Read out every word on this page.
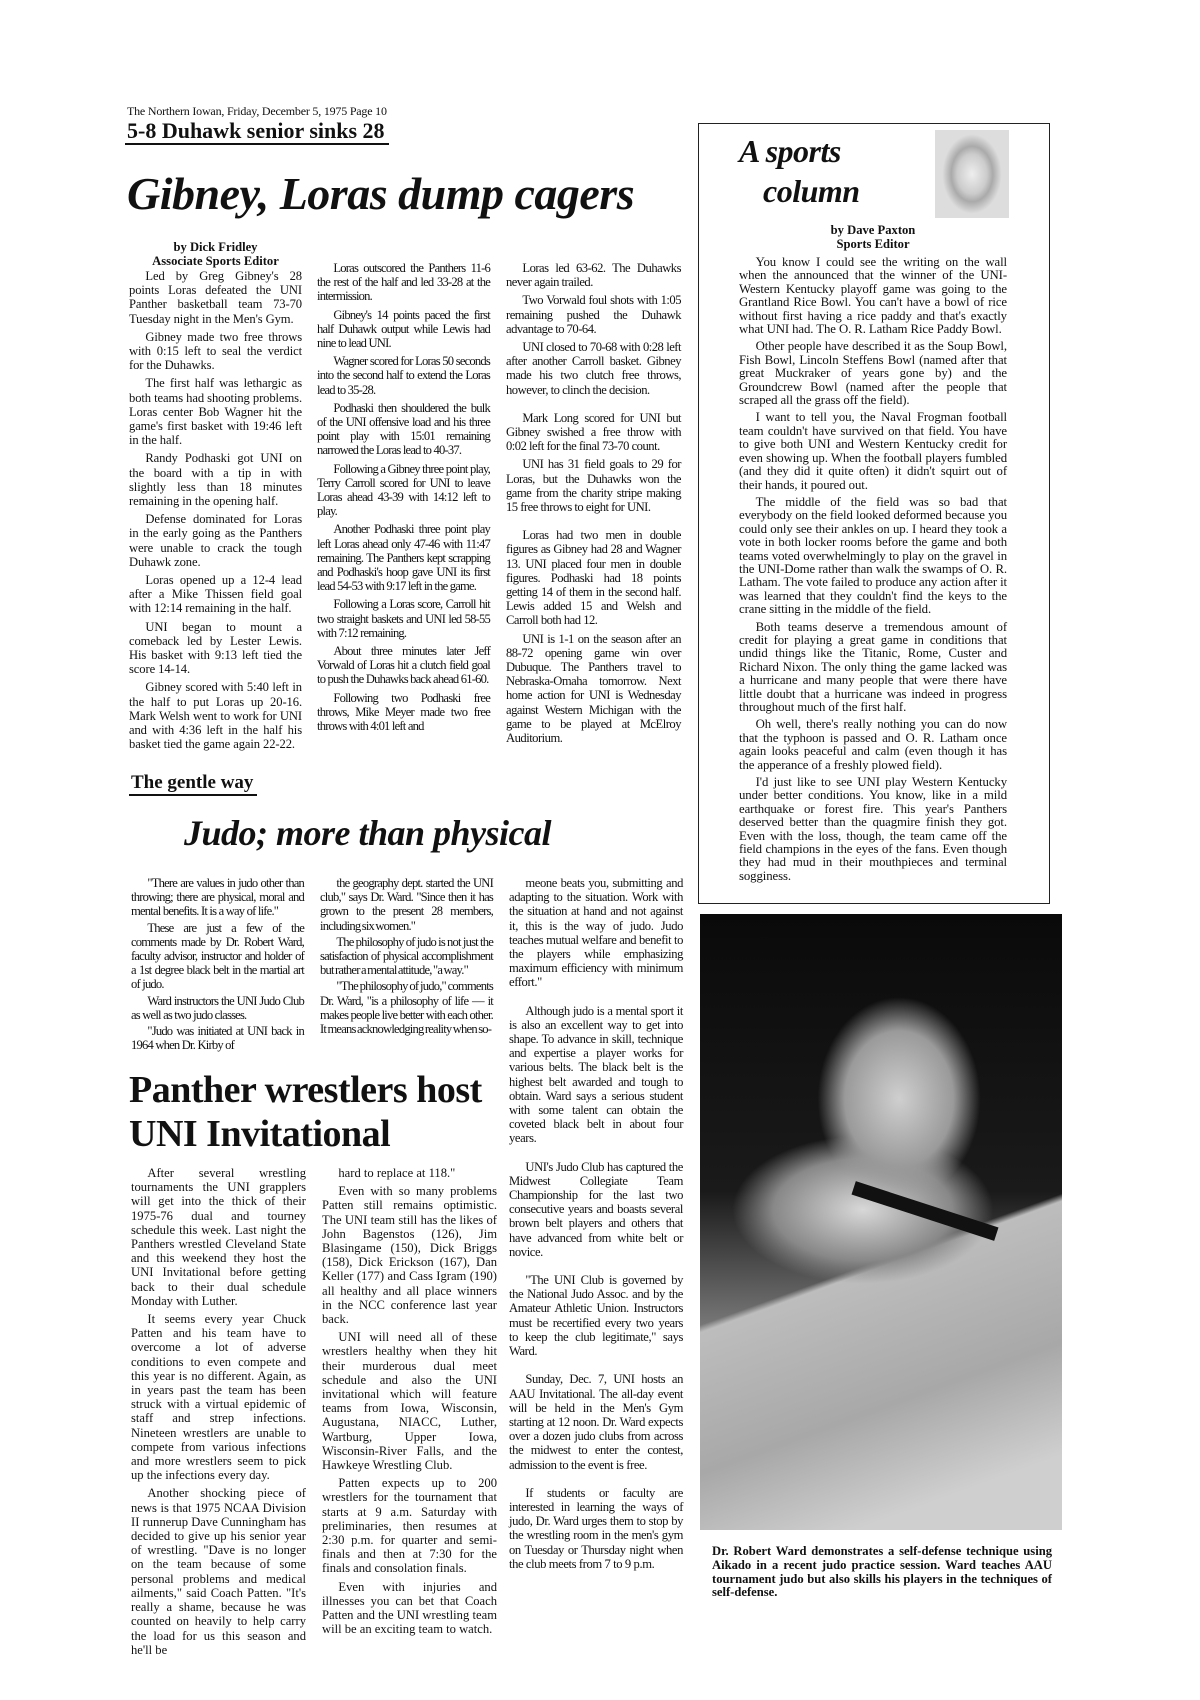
The Northern Iowan, Friday, December 5, 1975 Page 10
5-8 Duhawk senior sinks 28
Gibney, Loras dump cagers
by Dick Fridley
Associate Sports Editor

Led by Greg Gibney's 28 points Loras defeated the UNI Panther basketball team 73-70 Tuesday night in the Men's Gym.

Gibney made two free throws with 0:15 left to seal the verdict for the Duhawks.

The first half was lethargic as both teams had shooting problems. Loras center Bob Wagner hit the game's first basket with 19:46 left in the half.

Randy Podhaski got UNI on the board with a tip in with slightly less than 18 minutes remaining in the opening half.

Defense dominated for Loras in the early going as the Panthers were unable to crack the tough Duhawk zone.

Loras opened up a 12-4 lead after a Mike Thissen field goal with 12:14 remaining in the half.

UNI began to mount a comeback led by Lester Lewis. His basket with 9:13 left tied the score 14-14.

Gibney scored with 5:40 left in the half to put Loras up 20-16. Mark Welsh went to work for UNI and with 4:36 left in the half his basket tied the game again 22-22.

Loras outscored the Panthers 11-6 the rest of the half and led 33-28 at the intermission.

Gibney's 14 points paced the first half Duhawk output while Lewis had nine to lead UNI.

Wagner scored for Loras 50 seconds into the second half to extend the Loras lead to 35-28.

Podhaski then shouldered the bulk of the UNI offensive load and his three point play with 15:01 remaining narrowed the Loras lead to 40-37.

Following a Gibney three point play, Terry Carroll scored for UNI to leave Loras ahead 43-39 with 14:12 left to play.

Another Podhaski three point play left Loras ahead only 47-46 with 11:47 remaining. The Panthers kept scrapping and Podhaski's hoop gave UNI its first lead 54-53 with 9:17 left in the game.

Following a Loras score, Carroll hit two straight baskets and UNI led 58-55 with 7:12 remaining.

About three minutes later Jeff Vorwald of Loras hit a clutch field goal to push the Duhawks back ahead 61-60.

Following two Podhaski free throws, Mike Meyer made two free throws with 4:01 left and

Loras led 63-62. The Duhawks never again trailed.

Two Vorwald foul shots with 1:05 remaining pushed the Duhawk advantage to 70-64.

UNI closed to 70-68 with 0:28 left after another Carroll basket. Gibney made his two clutch free throws, however, to clinch the decision.

Mark Long scored for UNI but Gibney swished a free throw with 0:02 left for the final 73-70 count.

UNI has 31 field goals to 29 for Loras, but the Duhawks won the game from the charity stripe making 15 free throws to eight for UNI.

Loras had two men in double figures as Gibney had 28 and Wagner 13. UNI placed four men in double figures. Podhaski had 18 points getting 14 of them in the second half. Lewis added 15 and Welsh and Carroll both had 12.

UNI is 1-1 on the season after an 88-72 opening game win over Dubuque. The Panthers travel to Nebraska-Omaha tomorrow. Next home action for UNI is Wednesday against Western Michigan with the game to be played at McElroy Auditorium.

A sports
column
by Dave Paxton
Sports Editor

You know I could see the writing on the wall when the announced that the winner of the UNI-Western Kentucky playoff game was going to the Grantland Rice Bowl. You can't have a bowl of rice without first having a rice paddy and that's exactly what UNI had. The O. R. Latham Rice Paddy Bowl.

Other people have described it as the Soup Bowl, Fish Bowl, Lincoln Steffens Bowl (named after that great Muckraker of years gone by) and the Groundcrew Bowl (named after the people that scraped all the grass off the field).

I want to tell you, the Naval Frogman football team couldn't have survived on that field. You have to give both UNI and Western Kentucky credit for even showing up. When the football players fumbled (and they did it quite often) it didn't squirt out of their hands, it poured out.

The middle of the field was so bad that everybody on the field looked deformed because you could only see their ankles on up. I heard they took a vote in both locker rooms before the game and both teams voted overwhelmingly to play on the gravel in the UNI-Dome rather than walk the swamps of O. R. Latham. The vote failed to produce any action after it was learned that they couldn't find the keys to the crane sitting in the middle of the field.

Both teams deserve a tremendous amount of credit for playing a great game in conditions that undid things like the Titanic, Rome, Custer and Richard Nixon. The only thing the game lacked was a hurricane and many people that were there have little doubt that a hurricane was indeed in progress throughout much of the first half.

Oh well, there's really nothing you can do now that the typhoon is passed and O. R. Latham once again looks peaceful and calm (even though it has the apperance of a freshly plowed field).

I'd just like to see UNI play Western Kentucky under better conditions. You know, like in a mild earthquake or forest fire. This year's Panthers deserved better than the quagmire finish they got. Even with the loss, though, the team came off the field champions in the eyes of the fans. Even though they had mud in their mouthpieces and terminal sogginess.

The gentle way
Judo; more than physical

"There are values in judo other than throwing; there are physical, moral and mental benefits. It is a way of life."

These are just a few of the comments made by Dr. Robert Ward, faculty advisor, instructor and holder of a 1st degree black belt in the martial art of judo.

Ward instructors the UNI Judo Club as well as two judo classes.

"Judo was initiated at UNI back in 1964 when Dr. Kirby of

the geography dept. started the UNI club," says Dr. Ward. "Since then it has grown to the present 28 members, including six women."

The philosophy of judo is not just the satisfaction of physical accomplishment but rather a mental attitude, "a way."

"The philosophy of judo," comments Dr. Ward, "is a philosophy of life — it makes people live better with each other. It means acknowledging reality when so-

meone beats you, submitting and adapting to the situation. Work with the situation at hand and not against it, this is the way of judo. Judo teaches mutual welfare and benefit to the players while emphasizing maximum efficiency with minimum effort."

Although judo is a mental sport it is also an excellent way to get into shape. To advance in skill, technique and expertise a player works for various belts. The black belt is the highest belt awarded and tough to obtain. Ward says a serious student with some talent can obtain the coveted black belt in about four years.

UNI's Judo Club has captured the Midwest Collegiate Team Championship for the last two consecutive years and boasts several brown belt players and others that have advanced from white belt or novice.

"The UNI Club is governed by the National Judo Assoc. and by the Amateur Athletic Union. Instructors must be recertified every two years to keep the club legitimate," says Ward.

Sunday, Dec. 7, UNI hosts an AAU Invitational. The all-day event will be held in the Men's Gym starting at 12 noon. Dr. Ward expects over a dozen judo clubs from across the midwest to enter the contest, admission to the event is free.

If students or faculty are interested in learning the ways of judo, Dr. Ward urges them to stop by the wrestling room in the men's gym on Tuesday or Thursday night when the club meets from 7 to 9 p.m.

Panther wrestlers host
UNI Invitational

After several wrestling tournaments the UNI grapplers will get into the thick of their 1975-76 dual and tourney schedule this week. Last night the Panthers wrestled Cleveland State and this weekend they host the UNI Invitational before getting back to their dual schedule Monday with Luther.

It seems every year Chuck Patten and his team have to overcome a lot of adverse conditions to even compete and this year is no different. Again, as in years past the team has been struck with a virtual epidemic of staff and strep infections. Nineteen wrestlers are unable to compete from various infections and more wrestlers seem to pick up the infections every day.

Another shocking piece of news is that 1975 NCAA Division II runnerup Dave Cunningham has decided to give up his senior year of wrestling. "Dave is no longer on the team because of some personal problems and medical ailments," said Coach Patten. "It's really a shame, because he was counted on heavily to help carry the load for us this season and he'll be

hard to replace at 118."

Even with so many problems Patten still remains optimistic. The UNI team still has the likes of John Bagenstos (126), Jim Blasingame (150), Dick Briggs (158), Dick Erickson (167), Dan Keller (177) and Cass Igram (190) all healthy and all place winners in the NCC conference last year back.

UNI will need all of these wrestlers healthy when they hit their murderous dual meet schedule and also the UNI invitational which will feature teams from Iowa, Wisconsin, Augustana, NIACC, Luther, Wartburg, Upper Iowa, Wisconsin-River Falls, and the Hawkeye Wrestling Club.

Patten expects up to 200 wrestlers for the tournament that starts at 9 a.m. Saturday with preliminaries, then resumes at 2:30 p.m. for quarter and semi-finals and then at 7:30 for the finals and consolation finals.

Even with injuries and illnesses you can bet that Coach Patten and the UNI wrestling team will be an exciting team to watch.

Dr. Robert Ward demonstrates a self-defense technique using Aikado in a recent judo practice session. Ward teaches AAU tournament judo but also skills his players in the techniques of self-defense.
